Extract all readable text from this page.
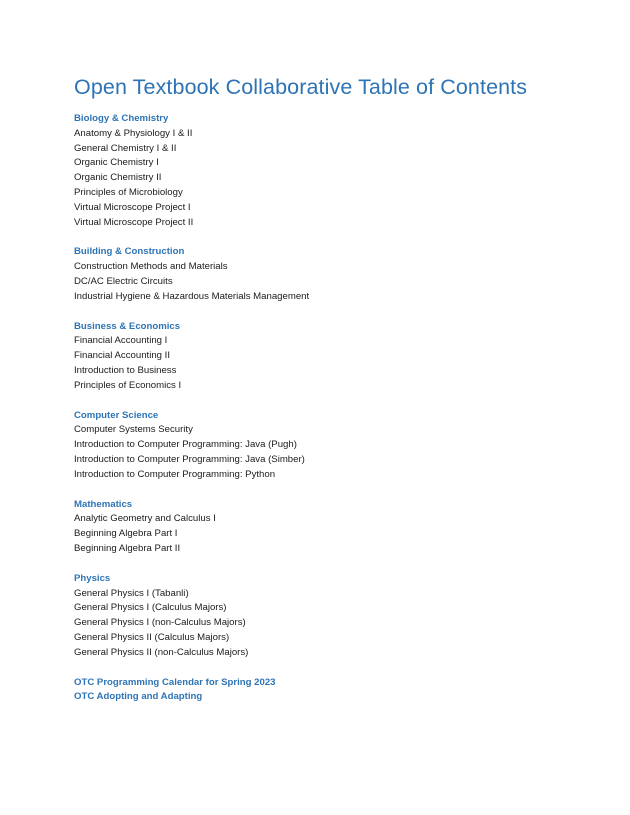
Open Textbook Collaborative Table of Contents
Biology & Chemistry
Anatomy & Physiology I & II
General Chemistry I & II
Organic Chemistry I
Organic Chemistry II
Principles of Microbiology
Virtual Microscope Project I
Virtual Microscope Project II
Building & Construction
Construction Methods and Materials
DC/AC Electric Circuits
Industrial Hygiene & Hazardous Materials Management
Business & Economics
Financial Accounting I
Financial Accounting II
Introduction to Business
Principles of Economics I
Computer Science
Computer Systems Security
Introduction to Computer Programming: Java (Pugh)
Introduction to Computer Programming: Java (Simber)
Introduction to Computer Programming: Python
Mathematics
Analytic Geometry and Calculus I
Beginning Algebra Part I
Beginning Algebra Part II
Physics
General Physics I (Tabanli)
General Physics I (Calculus Majors)
General Physics I (non-Calculus Majors)
General Physics II (Calculus Majors)
General Physics II (non-Calculus Majors)
OTC Programming Calendar for Spring 2023
OTC Adopting and Adapting
